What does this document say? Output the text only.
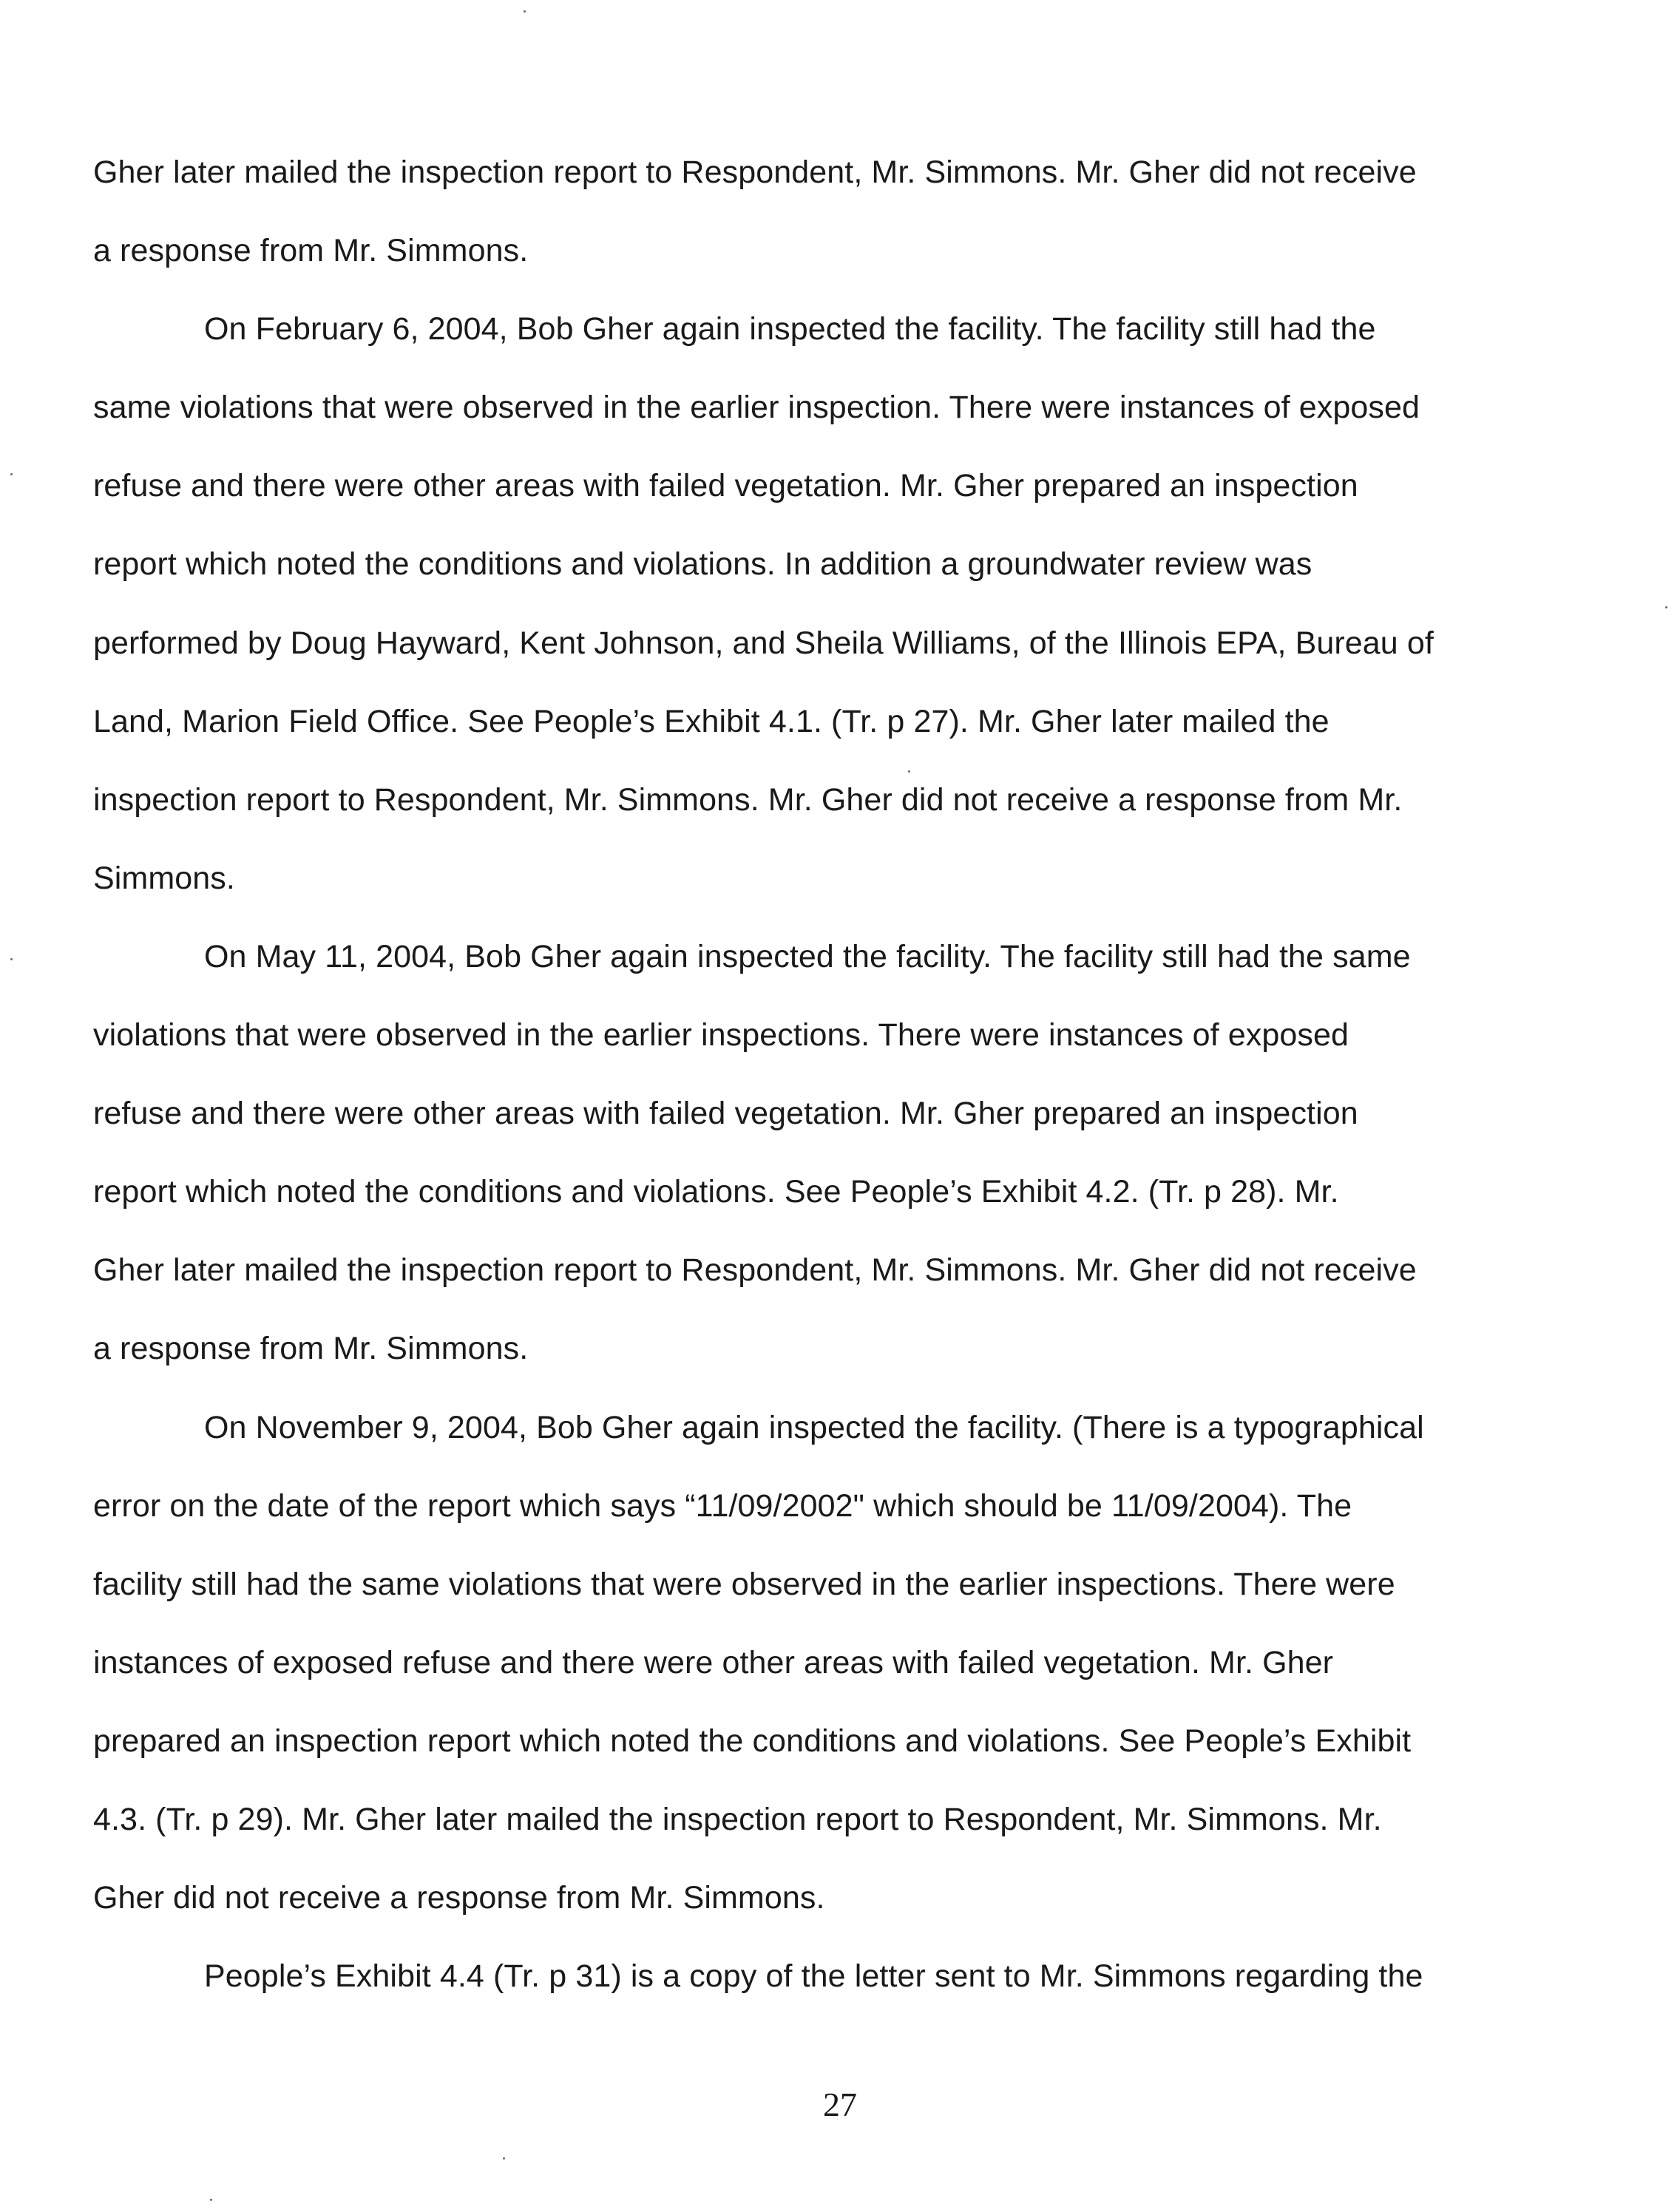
Gher later mailed the inspection report to Respondent, Mr. Simmons. Mr. Gher did not receive
a response from Mr. Simmons.
On February 6, 2004, Bob Gher again inspected the facility. The facility still had the
same violations that were observed in the earlier inspection. There were instances of exposed
refuse and there were other areas with failed vegetation. Mr. Gher prepared an inspection
report which noted the conditions and violations. In addition a groundwater review was
performed by Doug Hayward, Kent Johnson, and Sheila Williams, of the Illinois EPA, Bureau of
Land, Marion Field Office. See People’s Exhibit 4.1. (Tr. p 27). Mr. Gher later mailed the
inspection report to Respondent, Mr. Simmons. Mr. Gher did not receive a response from Mr.
Simmons.
On May 11, 2004, Bob Gher again inspected the facility. The facility still had the same
violations that were observed in the earlier inspections. There were instances of exposed
refuse and there were other areas with failed vegetation. Mr. Gher prepared an inspection
report which noted the conditions and violations. See People’s Exhibit 4.2. (Tr. p 28). Mr.
Gher later mailed the inspection report to Respondent, Mr. Simmons. Mr. Gher did not receive
a response from Mr. Simmons.
On November 9, 2004, Bob Gher again inspected the facility. (There is a typographical
error on the date of the report which says “11/09/2002" which should be 11/09/2004). The
facility still had the same violations that were observed in the earlier inspections. There were
instances of exposed refuse and there were other areas with failed vegetation. Mr. Gher
prepared an inspection report which noted the conditions and violations. See People’s Exhibit
4.3. (Tr. p 29). Mr. Gher later mailed the inspection report to Respondent, Mr. Simmons. Mr.
Gher did not receive a response from Mr. Simmons.
People’s Exhibit 4.4 (Tr. p 31) is a copy of the letter sent to Mr. Simmons regarding the
27
